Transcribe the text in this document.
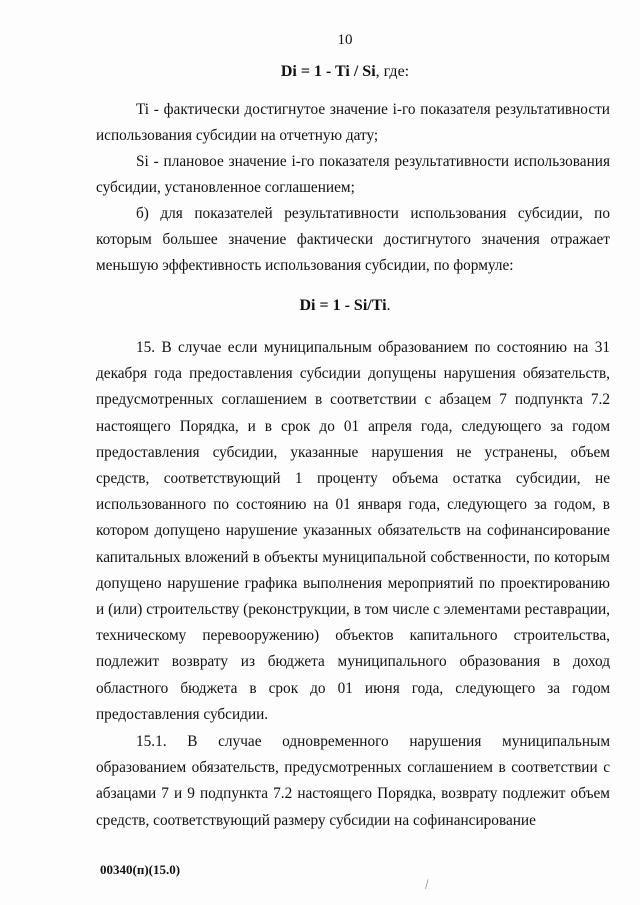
10
Di = 1 - Ti / Si, где:

Ti - фактически достигнутое значение i-го показателя результативности использования субсидии на отчетную дату;

Si - плановое значение i-го показателя результативности использования субсидии, установленное соглашением;

б) для показателей результативности использования субсидии, по которым большее значение фактически достигнутого значения отражает меньшую эффективность использования субсидии, по формуле:

Di = 1 - Si/Ti.

15. В случае если муниципальным образованием по состоянию на 31 декабря года предоставления субсидии допущены нарушения обязательств, предусмотренных соглашением в соответствии с абзацем 7 подпункта 7.2 настоящего Порядка, и в срок до 01 апреля года, следующего за годом предоставления субсидии, указанные нарушения не устранены, объем средств, соответствующий 1 проценту объема остатка субсидии, не использованного по состоянию на 01 января года, следующего за годом, в котором допущено нарушение указанных обязательств на софинансирование капитальных вложений в объекты муниципальной собственности, по которым допущено нарушение графика выполнения мероприятий по проектированию и (или) строительству (реконструкции, в том числе с элементами реставрации, техническому перевооружению) объектов капитального строительства, подлежит возврату из бюджета муниципального образования в доход областного бюджета в срок до 01 июня года, следующего за годом предоставления субсидии.

15.1. В случае одновременного нарушения муниципальным образованием обязательств, предусмотренных соглашением в соответствии с абзацами 7 и 9 подпункта 7.2 настоящего Порядка, возврату подлежит объем средств, соответствующий размеру субсидии на софинансирование

00340(п)(15.0)
∕
